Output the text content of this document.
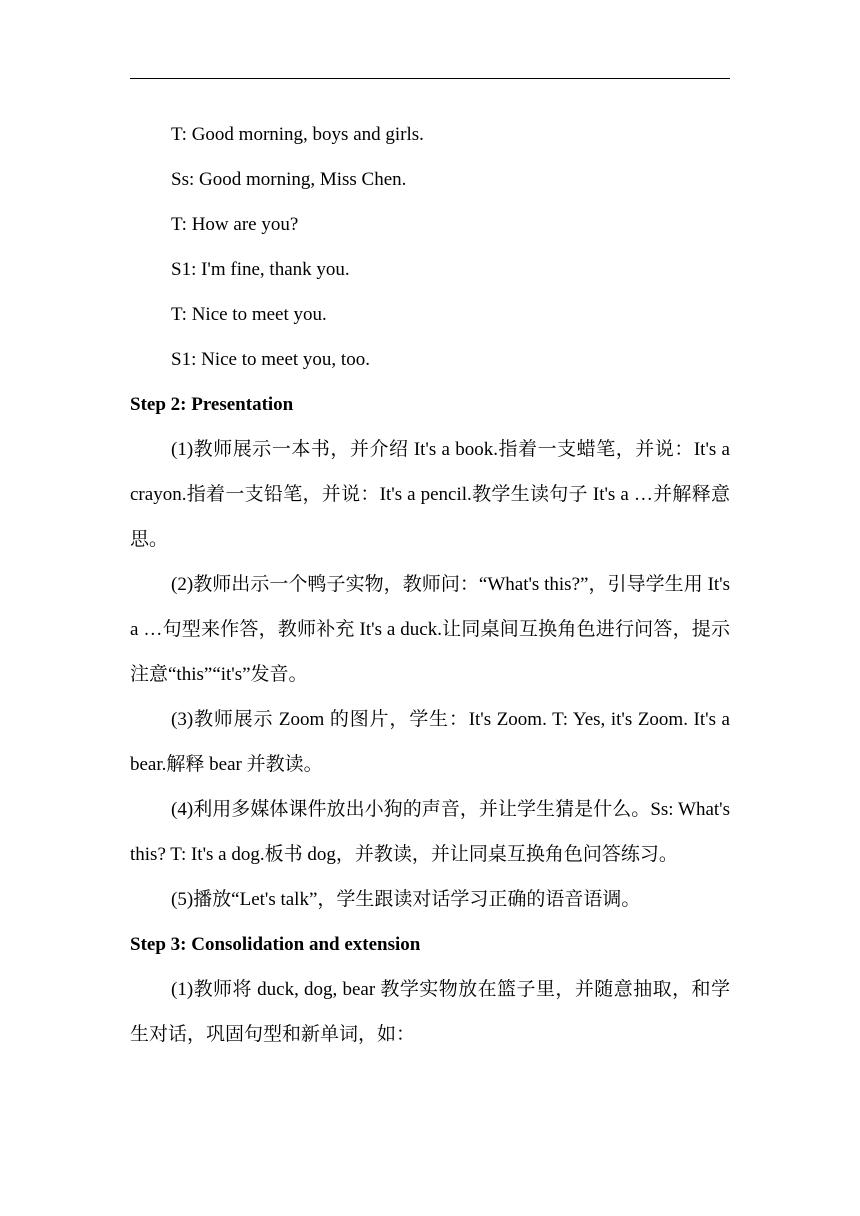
T: Good morning, boys and girls.

Ss: Good morning, Miss Chen.

T: How are you?

S1: I'm fine, thank you.

T: Nice to meet you.

S1: Nice to meet you, too.

Step 2: Presentation

(1)教师展示一本书，并介绍 It's a book.指着一支蜡笔，并说：It's a crayon.指着一支铅笔，并说：It's a pencil.教学生读句子 It's a …并解释意思。

(2)教师出示一个鸭子实物，教师问：“What's this?”，引导学生用 It's a …句型来作答，教师补充 It's a duck.让同桌间互换角色进行问答，提示注意“this”“it's”发音。

(3)教师展示 Zoom 的图片，学生：It's Zoom. T: Yes, it's Zoom. It's a bear.解释 bear 并教读。

(4)利用多媒体课件放出小狗的声音，并让学生猜是什么。Ss: What's this? T: It's a dog.板书 dog，并教读，并让同桌互换角色问答练习。

(5)播放“Let's talk”，学生跟读对话学习正确的语音语调。

Step 3: Consolidation and extension

(1)教师将 duck, dog, bear 教学实物放在篮子里，并随意抽取，和学生对话，巩固句型和新单词，如：
